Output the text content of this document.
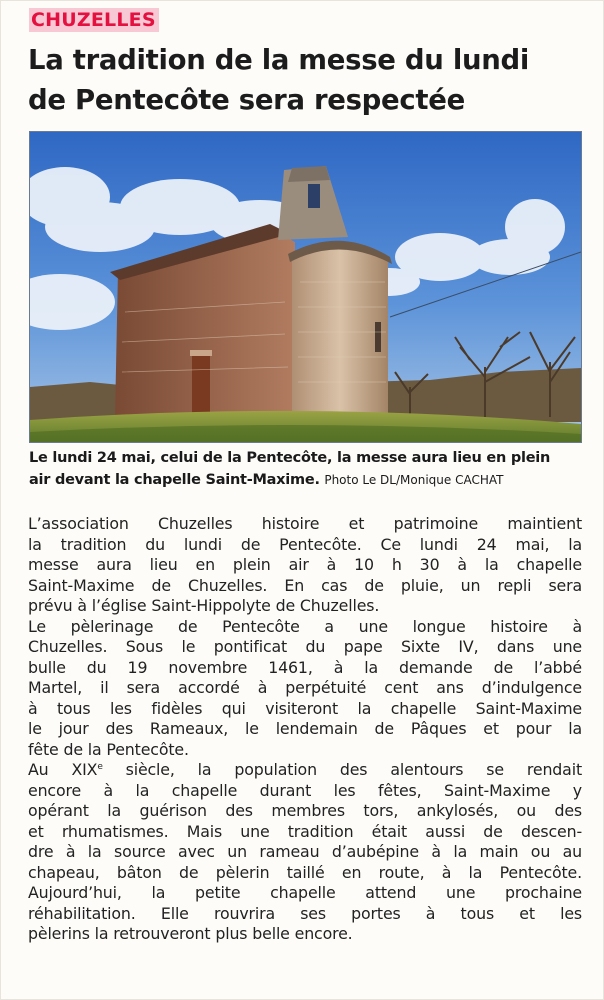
CHUZELLES
La tradition de la messe du lundi
de Pentecôte sera respectée
Le lundi 24 mai, celui de la Pentecôte, la messe aura lieu en plein
air devant la chapelle Saint-Maxime. Photo Le DL/Monique CACHAT
L’association Chuzelles histoire et patrimoine maintient
la tradition du lundi de Pentecôte. Ce lundi 24 mai, la
messe aura lieu en plein air à 10 h 30 à la chapelle
Saint-Maxime de Chuzelles. En cas de pluie, un repli sera
prévu à l’église Saint-Hippolyte de Chuzelles.
Le pèlerinage de Pentecôte a une longue histoire à
Chuzelles. Sous le pontificat du pape Sixte IV, dans une
bulle du 19 novembre 1461, à la demande de l’abbé
Martel, il sera accordé à perpétuité cent ans d’indulgence
à tous les fidèles qui visiteront la chapelle Saint-Maxime
le jour des Rameaux, le lendemain de Pâques et pour la
fête de la Pentecôte.
Au XIXe siècle, la population des alentours se rendait
encore à la chapelle durant les fêtes, Saint-Maxime y
opérant la guérison des membres tors, ankylosés, ou des
et rhumatismes. Mais une tradition était aussi de descen-
dre à la source avec un rameau d’aubépine à la main ou au
chapeau, bâton de pèlerin taillé en route, à la Pentecôte.
Aujourd’hui, la petite chapelle attend une prochaine
réhabilitation. Elle rouvrira ses portes à tous et les
pèlerins la retrouveront plus belle encore.
